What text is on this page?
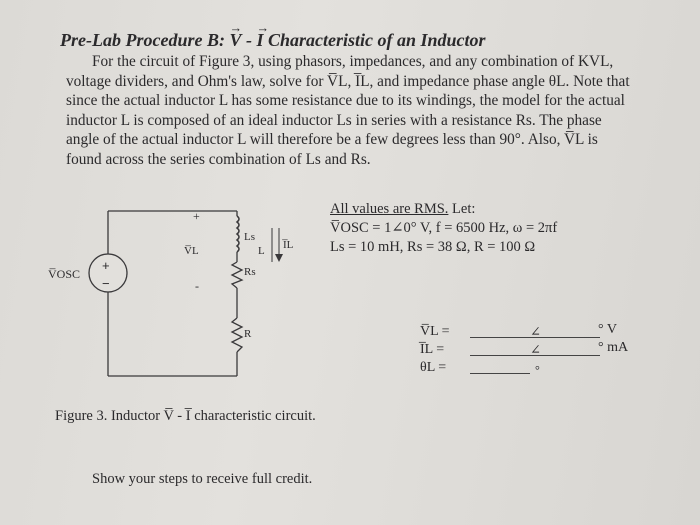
Pre-Lab Procedure B: → V - → I Characteristic of an Inductor
For the circuit of Figure 3, using phasors, impedances, and any combination of KVL,
voltage dividers, and Ohm's law, solve for V̅L, I̅L, and impedance phase angle θL. Note that
since the actual inductor L has some resistance due to its windings, the model for the actual
inductor L is composed of an ideal inductor Ls in series with a resistance Rs. The phase
angle of the actual inductor L will therefore be a few degrees less than 90°. Also, V̅L is
found across the series combination of Ls and Rs.
+
−
V̅OSC
Ls
Rs
R
+
V̅L
-
L I̅L
All values are RMS. Let:
V̅OSC = 1∠0° V, f = 6500 Hz, ω = 2πf
Ls = 10 mH, Rs = 38 Ω, R = 100 Ω
V̅L =	∠	° V
I̅L =	∠	° mA
θL =	°
Figure 3. Inductor V̅ - I̅ characteristic circuit.
Show your steps to receive full credit.
